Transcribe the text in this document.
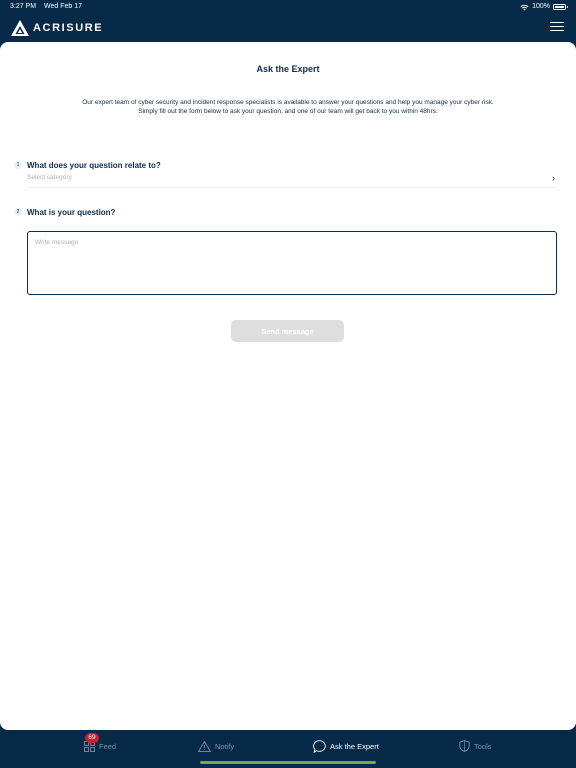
3:27 PM Wed Feb 17	100%
ACRISURE
Ask the Expert
Our expert team of cyber security and incident response specialists is available to answer your questions and help you manage your cyber risk.
Simply fill out the form below to ask your question, and one of our team will get back to you within 48hrs.
1 What does your question relate to?
Select category	›
2 What is your question?
Write message
Send message
Feed
69
Notify	Ask the Expert	Tools
